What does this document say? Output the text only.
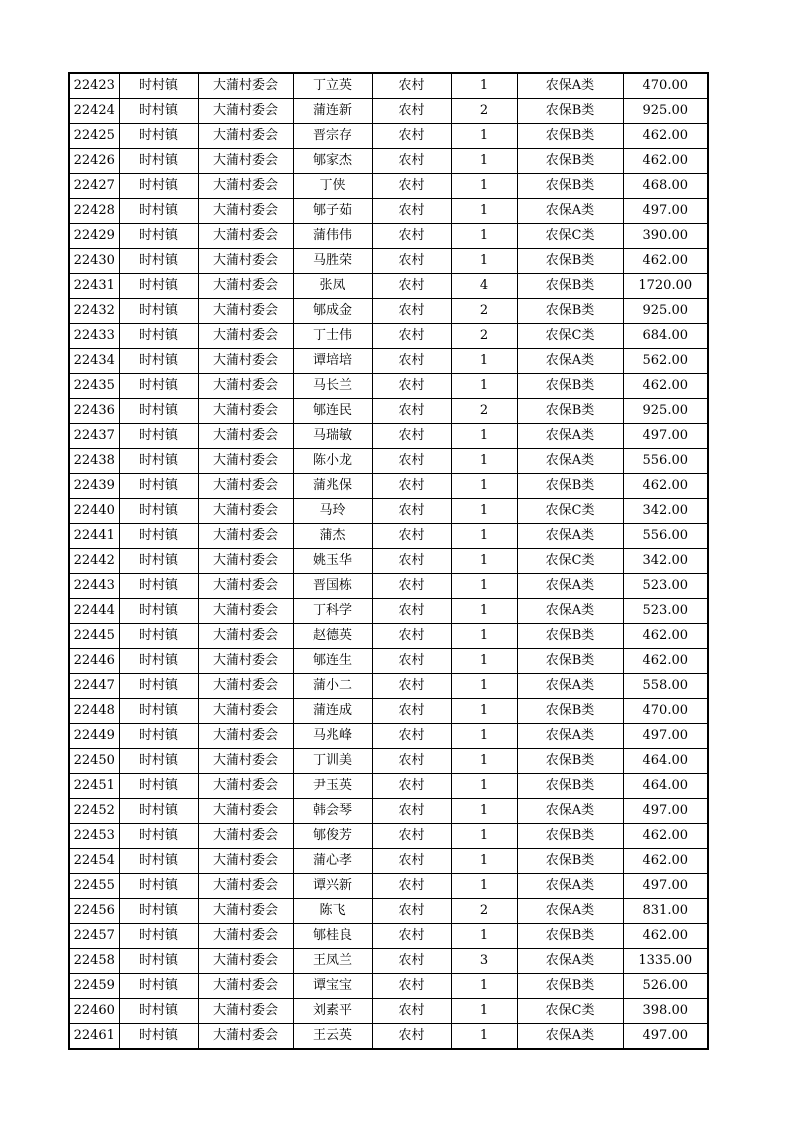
22423	时村镇	大蒲村委会	丁立英	农村	1	农保A类	470.00
22424	时村镇	大蒲村委会	蒲连新	农村	2	农保B类	925.00
22425	时村镇	大蒲村委会	晋宗存	农村	1	农保B类	462.00
22426	时村镇	大蒲村委会	郇家杰	农村	1	农保B类	462.00
22427	时村镇	大蒲村委会	丁侠	农村	1	农保B类	468.00
22428	时村镇	大蒲村委会	郇子茹	农村	1	农保A类	497.00
22429	时村镇	大蒲村委会	蒲伟伟	农村	1	农保C类	390.00
22430	时村镇	大蒲村委会	马胜荣	农村	1	农保B类	462.00
22431	时村镇	大蒲村委会	张凤	农村	4	农保B类	1720.00
22432	时村镇	大蒲村委会	郇成金	农村	2	农保B类	925.00
22433	时村镇	大蒲村委会	丁士伟	农村	2	农保C类	684.00
22434	时村镇	大蒲村委会	谭培培	农村	1	农保A类	562.00
22435	时村镇	大蒲村委会	马长兰	农村	1	农保B类	462.00
22436	时村镇	大蒲村委会	郇连民	农村	2	农保B类	925.00
22437	时村镇	大蒲村委会	马瑞敏	农村	1	农保A类	497.00
22438	时村镇	大蒲村委会	陈小龙	农村	1	农保A类	556.00
22439	时村镇	大蒲村委会	蒲兆保	农村	1	农保B类	462.00
22440	时村镇	大蒲村委会	马玲	农村	1	农保C类	342.00
22441	时村镇	大蒲村委会	蒲杰	农村	1	农保A类	556.00
22442	时村镇	大蒲村委会	姚玉华	农村	1	农保C类	342.00
22443	时村镇	大蒲村委会	晋国栋	农村	1	农保A类	523.00
22444	时村镇	大蒲村委会	丁科学	农村	1	农保A类	523.00
22445	时村镇	大蒲村委会	赵德英	农村	1	农保B类	462.00
22446	时村镇	大蒲村委会	郇连生	农村	1	农保B类	462.00
22447	时村镇	大蒲村委会	蒲小二	农村	1	农保A类	558.00
22448	时村镇	大蒲村委会	蒲连成	农村	1	农保B类	470.00
22449	时村镇	大蒲村委会	马兆峰	农村	1	农保A类	497.00
22450	时村镇	大蒲村委会	丁训美	农村	1	农保B类	464.00
22451	时村镇	大蒲村委会	尹玉英	农村	1	农保B类	464.00
22452	时村镇	大蒲村委会	韩会琴	农村	1	农保A类	497.00
22453	时村镇	大蒲村委会	郇俊芳	农村	1	农保B类	462.00
22454	时村镇	大蒲村委会	蒲心孝	农村	1	农保B类	462.00
22455	时村镇	大蒲村委会	谭兴新	农村	1	农保A类	497.00
22456	时村镇	大蒲村委会	陈飞	农村	2	农保A类	831.00
22457	时村镇	大蒲村委会	郇桂良	农村	1	农保B类	462.00
22458	时村镇	大蒲村委会	王凤兰	农村	3	农保A类	1335.00
22459	时村镇	大蒲村委会	谭宝宝	农村	1	农保B类	526.00
22460	时村镇	大蒲村委会	刘素平	农村	1	农保C类	398.00
22461	时村镇	大蒲村委会	王云英	农村	1	农保A类	497.00
